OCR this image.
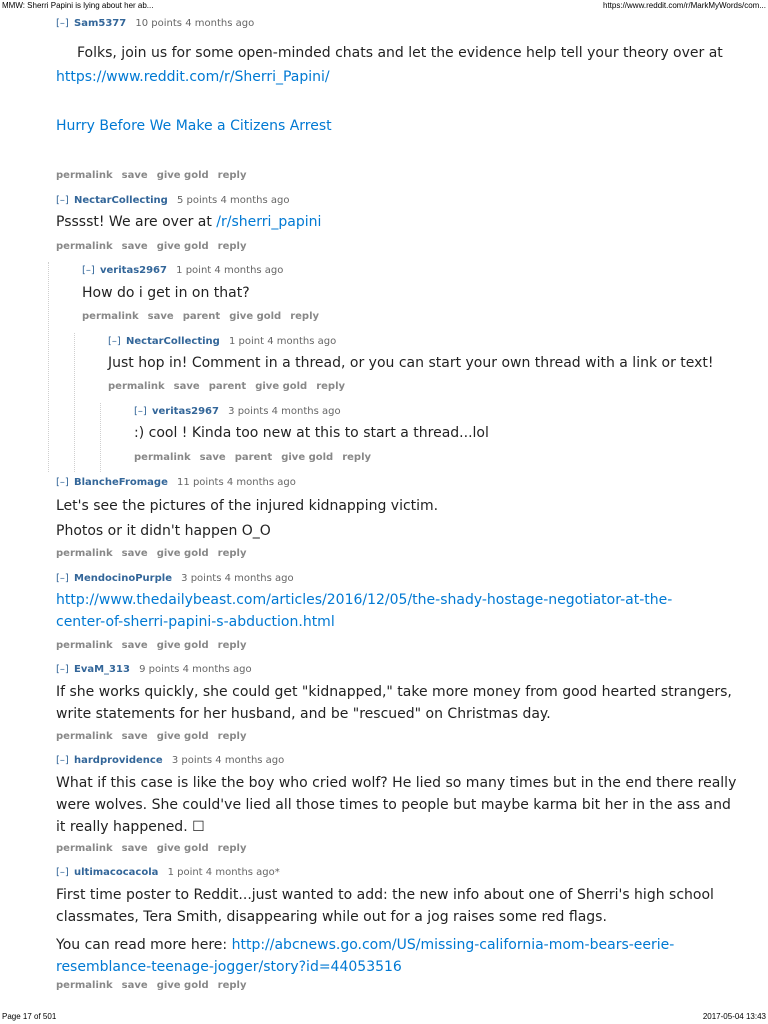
MMW: Sherri Papini is lying about her ab...	https://www.reddit.com/r/MarkMyWords/com...
[–] Sam5377 10 points 4 months ago

Folks, join us for some open-minded chats and let the evidence help tell your theory over at

https://www.reddit.com/r/Sherri_Papini/

Hurry Before We Make a Citizens Arrest

permalink save give gold reply
[–] NectarCollecting 5 points 4 months ago

Psssst! We are over at /r/sherri_papini

permalink save give gold reply
[–] veritas2967 1 point 4 months ago

How do i get in on that?

permalink save parent give gold reply
[–] NectarCollecting 1 point 4 months ago

Just hop in! Comment in a thread, or you can start your own thread with a link or text!

permalink save parent give gold reply
[–] veritas2967 3 points 4 months ago

:) cool ! Kinda too new at this to start a thread...lol

permalink save parent give gold reply
[–] BlancheFromage 11 points 4 months ago

Let's see the pictures of the injured kidnapping victim.

Photos or it didn't happen O_O

permalink save give gold reply
[–] MendocinoPurple 3 points 4 months ago

http://www.thedailybeast.com/articles/2016/12/05/the-shady-hostage-negotiator-at-the-

center-of-sherri-papini-s-abduction.html

permalink save give gold reply
[–] EvaM_313 9 points 4 months ago

If she works quickly, she could get "kidnapped," take more money from good hearted strangers,

write statements for her husband, and be "rescued" on Christmas day.

permalink save give gold reply
[–] hardprovidence 3 points 4 months ago

What if this case is like the boy who cried wolf? He lied so many times but in the end there really

were wolves. She could've lied all those times to people but maybe karma bit her in the ass and

it really happened. ☐

permalink save give gold reply
[–] ultimacocacola 1 point 4 months ago*

First time poster to Reddit...just wanted to add: the new info about one of Sherri's high school

classmates, Tera Smith, disappearing while out for a jog raises some red flags.

You can read more here: http://abcnews.go.com/US/missing-california-mom-bears-eerie-

resemblance-teenage-jogger/story?id=44053516

permalink save give gold reply
Page 17 of 501	2017-05-04 13:43
